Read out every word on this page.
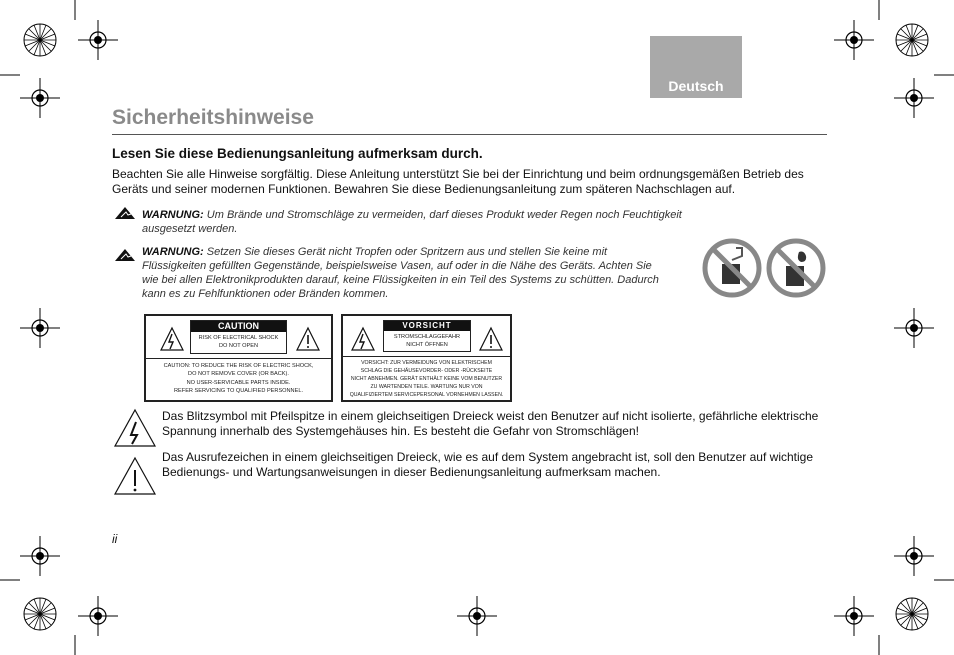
Deutsch
Sicherheitshinweise
Lesen Sie diese Bedienungsanleitung aufmerksam durch.
Beachten Sie alle Hinweise sorgfältig. Diese Anleitung unterstützt Sie bei der Einrichtung und beim ordnungsgemäßen Betrieb des Geräts und seiner modernen Funktionen. Bewahren Sie diese Bedienungsanleitung zum späteren Nachschlagen auf.
WARNUNG: Um Brände und Stromschläge zu vermeiden, darf dieses Produkt weder Regen noch Feuchtigkeit ausgesetzt werden.
WARNUNG: Setzen Sie dieses Gerät nicht Tropfen oder Spritzern aus und stellen Sie keine mit Flüssigkeiten gefüllten Gegenstände, beispielsweise Vasen, auf oder in die Nähe des Geräts. Achten Sie wie bei allen Elektronikprodukten darauf, keine Flüssigkeiten in ein Teil des Systems zu schütten. Dadurch kann es zu Fehlfunktionen oder Bränden kommen.
CAUTION
RISK OF ELECTRICAL SHOCK
DO NOT OPEN
CAUTION: TO REDUCE THE RISK OF ELECTRIC SHOCK,
DO NOT REMOVE COVER (OR BACK).
NO USER-SERVICABLE PARTS INSIDE.
REFER SERVICING TO QUALIFIED PERSONNEL.
VORSICHT
STROMSCHLAGGEFAHR
NICHT ÖFFNEN
VORSICHT: ZUR VERMEIDUNG VON ELEKTRISCHEM
SCHLAG DIE GEHÄUSEVORDER- ODER -RÜCKSEITE
NICHT ABNEHMEN. GERÄT ENTHÄLT KEINE VOM BENUTZER
ZU WARTENDEN TEILE. WARTUNG NUR VON
QUALIFIZIERTEM SERVICEPERSONAL VORNEHMEN LASSEN.
Das Blitzsymbol mit Pfeilspitze in einem gleichseitigen Dreieck weist den Benutzer auf nicht isolierte, gefährliche elektrische Spannung innerhalb des Systemgehäuses hin. Es besteht die Gefahr von Stromschlägen!
Das Ausrufezeichen in einem gleichseitigen Dreieck, wie es auf dem System angebracht ist, soll den Benutzer auf wichtige Bedienungs- und Wartungsanweisungen in dieser Bedienungsanleitung aufmerksam machen.
ii
